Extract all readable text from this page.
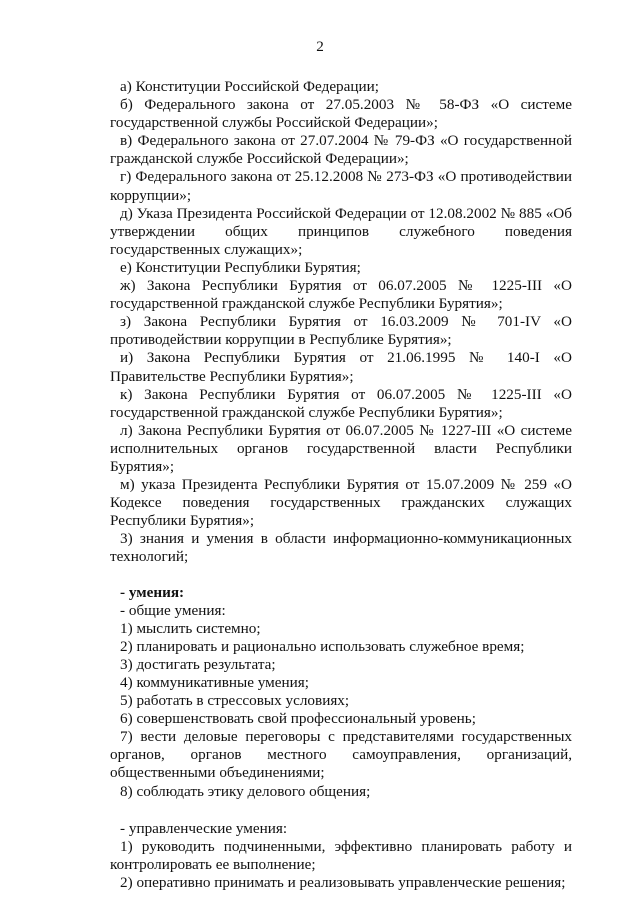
2

а) Конституции Российской Федерации;

б) Федерального закона от 27.05.2003 № 58-ФЗ «О системе государственной службы Российской Федерации»;

в) Федерального закона от 27.07.2004 № 79-ФЗ «О государственной гражданской службе Российской Федерации»;

г) Федерального закона от 25.12.2008 № 273-ФЗ «О противодействии коррупции»;

д) Указа Президента Российской Федерации от 12.08.2002 № 885 «Об утверждении общих принципов служебного поведения государственных служащих»;

е) Конституции Республики Бурятия;

ж) Закона Республики Бурятия от 06.07.2005 № 1225-III «О государственной гражданской службе Республики Бурятия»;

з) Закона Республики Бурятия от 16.03.2009 № 701-IV «О противодействии коррупции в Республике Бурятия»;

и) Закона Республики Бурятия от 21.06.1995 № 140-I «О Правительстве Республики Бурятия»;

к) Закона Республики Бурятия от 06.07.2005 № 1225-III «О государственной гражданской службе Республики Бурятия»;

л) Закона Республики Бурятия от 06.07.2005 № 1227-III «О системе исполнительных органов государственной власти Республики Бурятия»;

м) указа Президента Республики Бурятия от 15.07.2009 № 259 «О Кодексе поведения государственных гражданских служащих Республики Бурятия»;

3) знания и умения в области информационно-коммуникационных технологий;

- умения:

- общие умения:

1) мыслить системно;

2) планировать и рационально использовать служебное время;

3) достигать результата;

4) коммуникативные умения;

5) работать в стрессовых условиях;

6) совершенствовать свой профессиональный уровень;

7) вести деловые переговоры с представителями государственных органов, органов местного самоуправления, организаций, общественными объединениями;

8) соблюдать этику делового общения;

- управленческие умения:

1) руководить подчиненными, эффективно планировать работу и контролировать ее выполнение;

2) оперативно принимать и реализовывать управленческие решения;
